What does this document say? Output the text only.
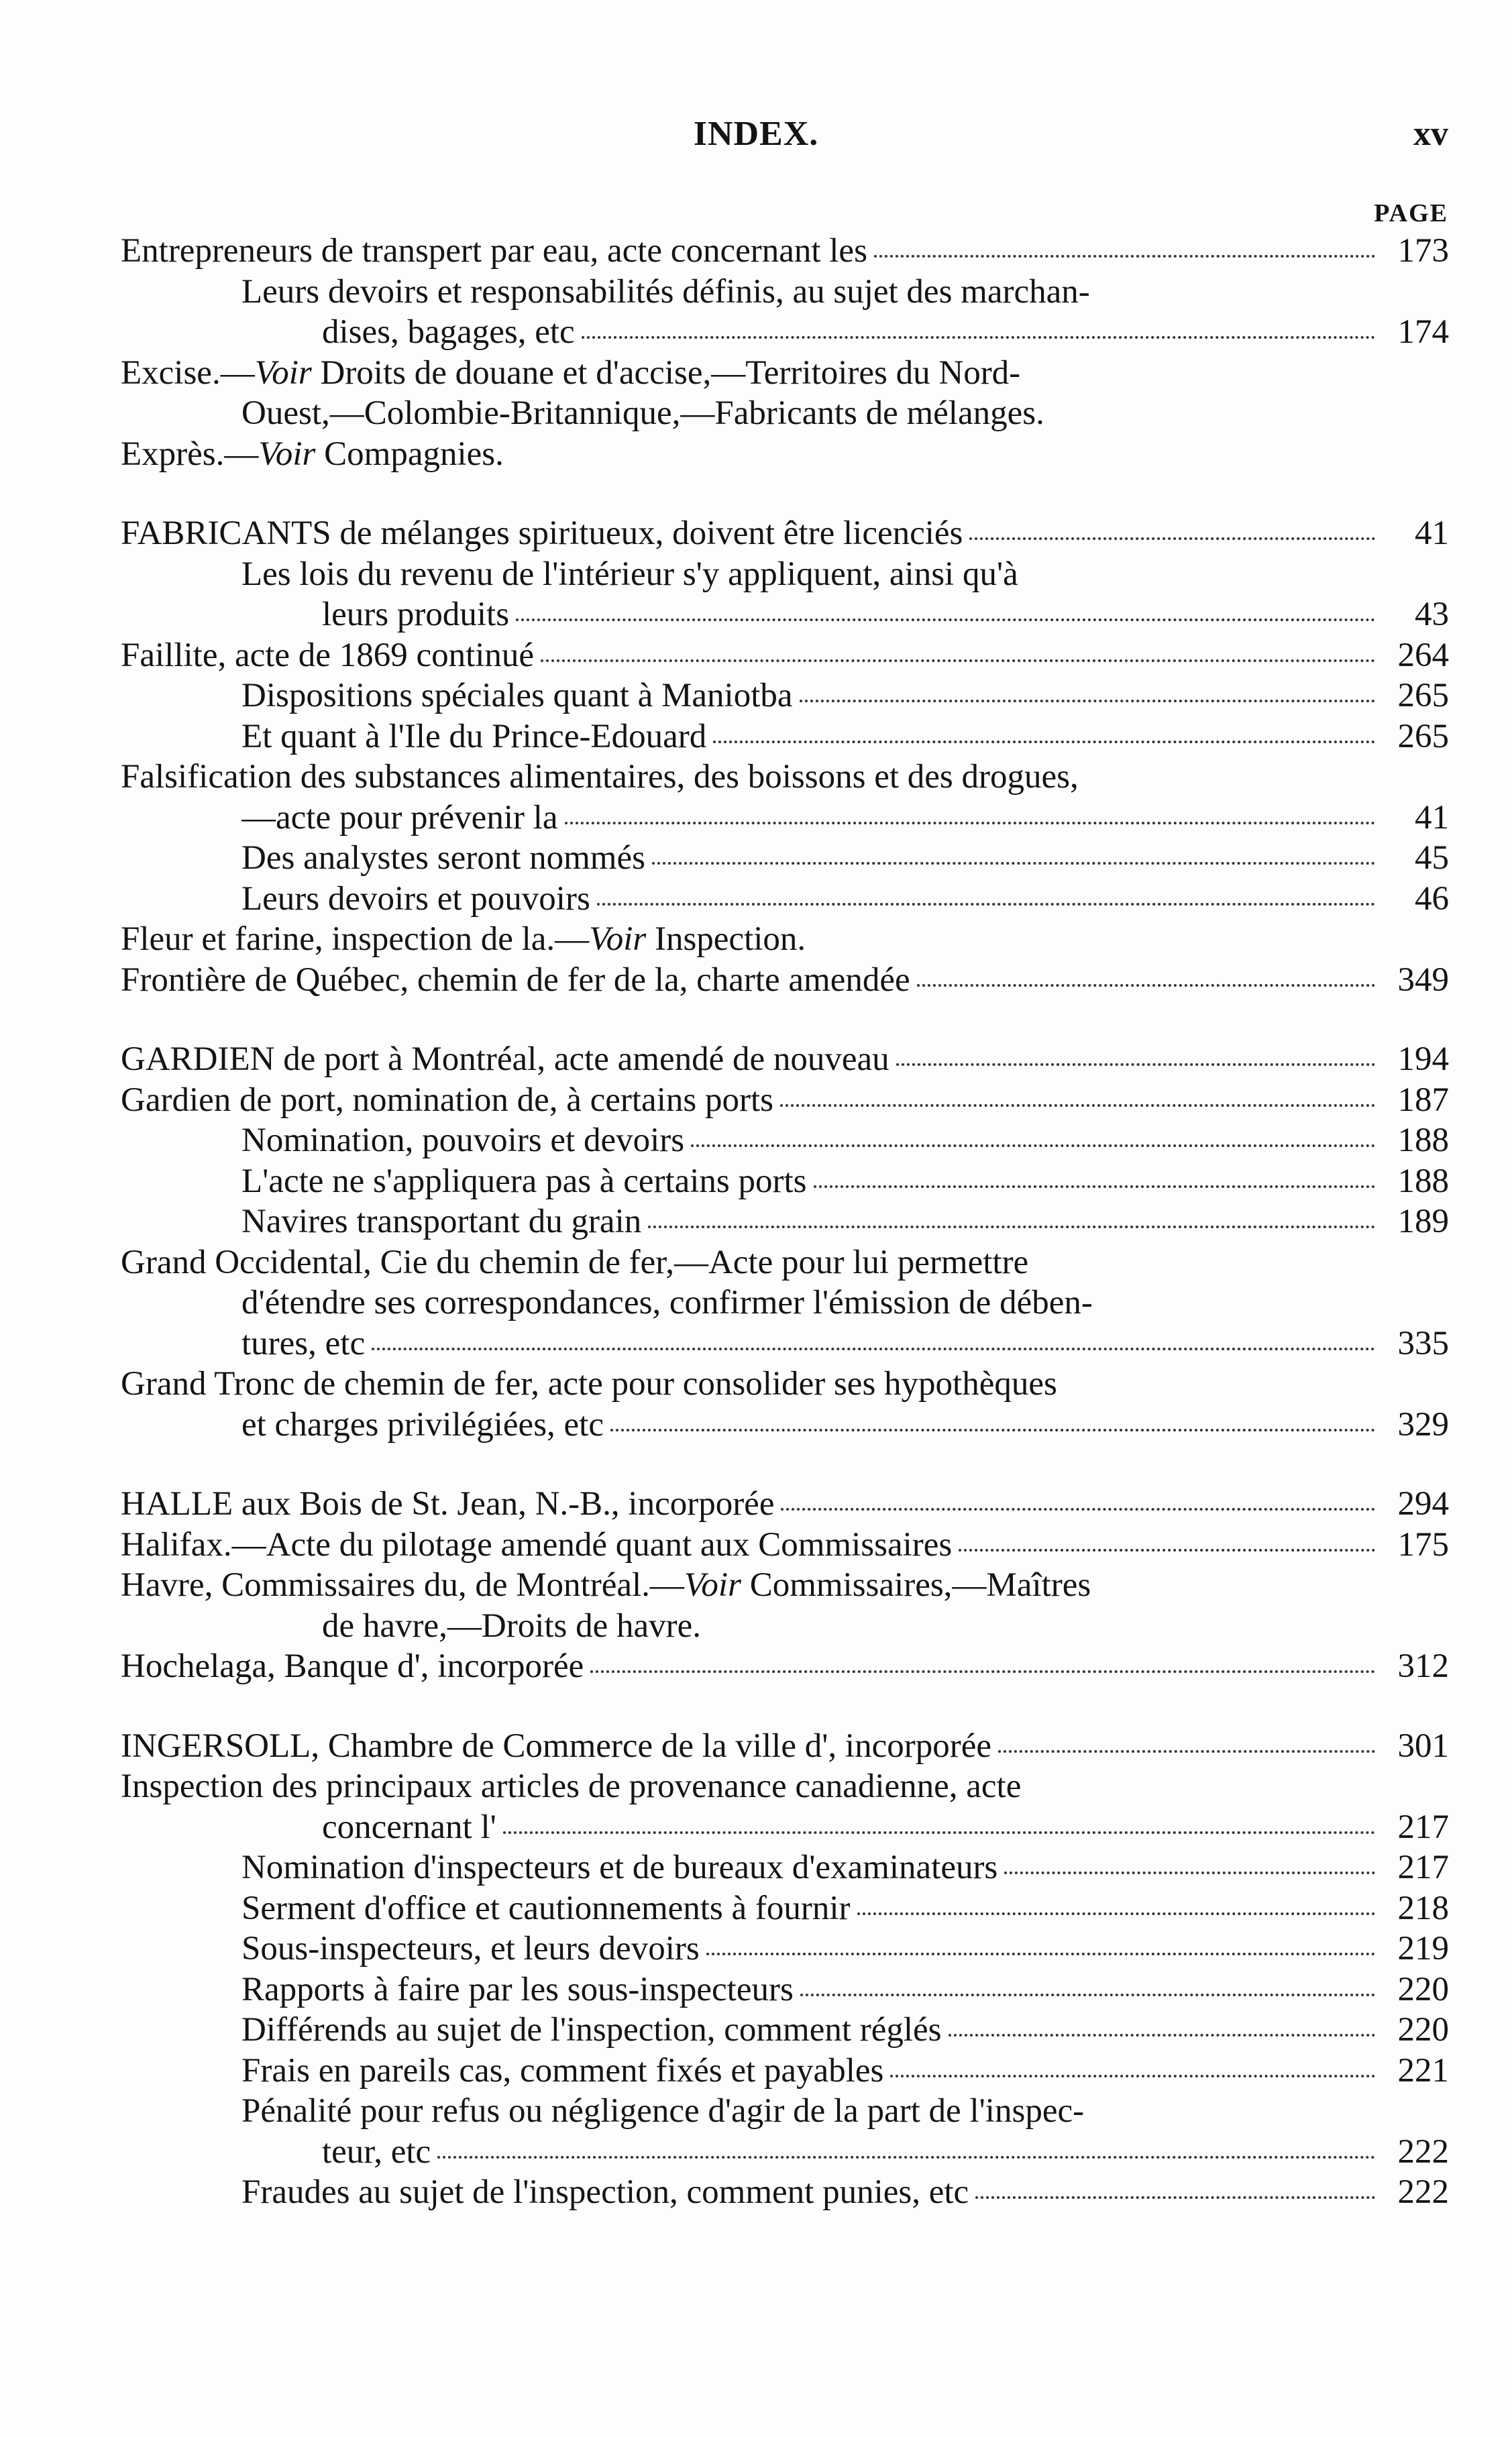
INDEX.	xv
PAGE
Entrepreneurs de transpert par eau, acte concernant les	173
Leurs devoirs et responsabilités définis, au sujet des marchan-
dises, bagages, etc	174
Excise.—Voir Droits de douane et d'accise,—Territoires du Nord-
Ouest,—Colombie-Britannique,—Fabricants de mélanges.
Exprès.—Voir Compagnies.
FABRICANTS de mélanges spiritueux, doivent être licenciés	41
Les lois du revenu de l'intérieur s'y appliquent, ainsi qu'à
leurs produits	43
Faillite, acte de 1869 continué	264
Dispositions spéciales quant à Maniotba	265
Et quant à l'Ile du Prince-Edouard	265
Falsification des substances alimentaires, des boissons et des drogues,
—acte pour prévenir la	41
Des analystes seront nommés	45
Leurs devoirs et pouvoirs	46
Fleur et farine, inspection de la.—Voir Inspection.
Frontière de Québec, chemin de fer de la, charte amendée	349
GARDIEN de port à Montréal, acte amendé de nouveau	194
Gardien de port, nomination de, à certains ports	187
Nomination, pouvoirs et devoirs	188
L'acte ne s'appliquera pas à certains ports	188
Navires transportant du grain	189
Grand Occidental, Cie du chemin de fer,—Acte pour lui permettre
d'étendre ses correspondances, confirmer l'émission de dében-
tures, etc	335
Grand Tronc de chemin de fer, acte pour consolider ses hypothèques
et charges privilégiées, etc	329
HALLE aux Bois de St. Jean, N.-B., incorporée	294
Halifax.—Acte du pilotage amendé quant aux Commissaires	175
Havre, Commissaires du, de Montréal.—Voir Commissaires,—Maîtres
de havre,—Droits de havre.
Hochelaga, Banque d', incorporée	312
INGERSOLL, Chambre de Commerce de la ville d', incorporée	301
Inspection des principaux articles de provenance canadienne, acte
concernant l'	217
Nomination d'inspecteurs et de bureaux d'examinateurs	217
Serment d'office et cautionnements à fournir	218
Sous-inspecteurs, et leurs devoirs	219
Rapports à faire par les sous-inspecteurs	220
Différends au sujet de l'inspection, comment réglés	220
Frais en pareils cas, comment fixés et payables	221
Pénalité pour refus ou négligence d'agir de la part de l'inspec-
teur, etc	222
Fraudes au sujet de l'inspection, comment punies, etc	222
